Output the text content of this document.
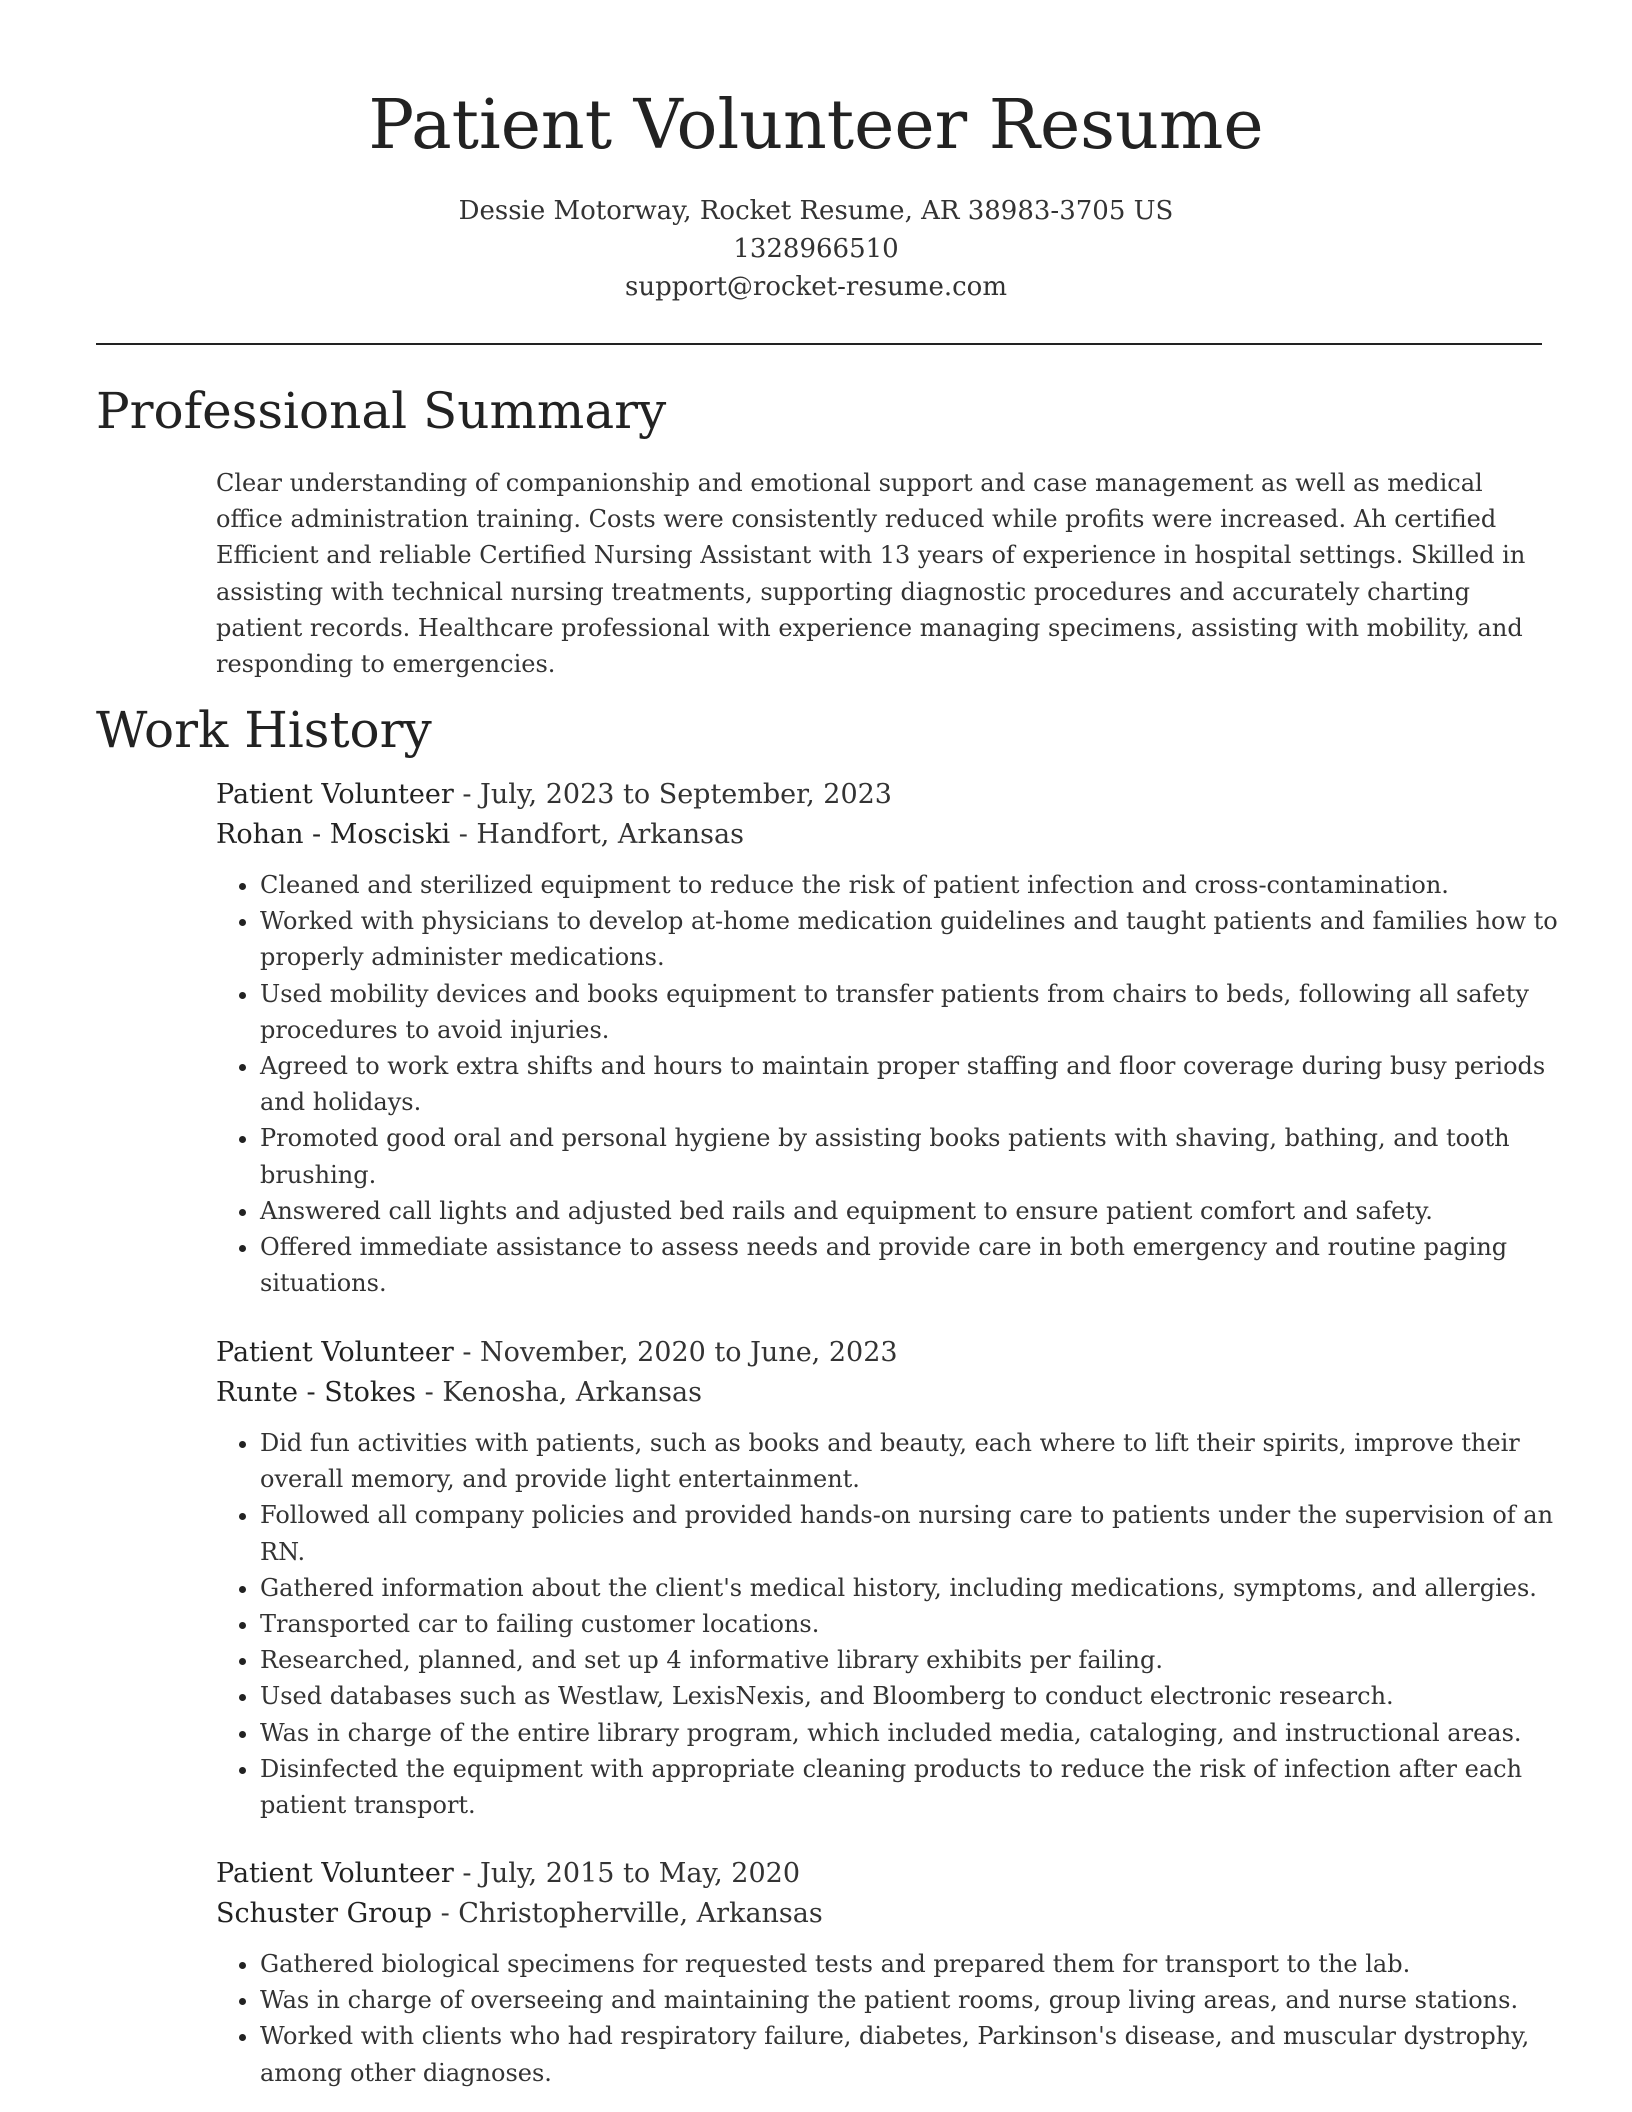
Patient Volunteer Resume
Dessie Motorway, Rocket Resume, AR 38983-3705 US
1328966510
support@rocket-resume.com
Professional Summary

Clear understanding of companionship and emotional support and case management as well as medical office administration training. Costs were consistently reduced while profits were increased. Ah certified Efficient and reliable Certified Nursing Assistant with 13 years of experience in hospital settings. Skilled in assisting with technical nursing treatments, supporting diagnostic procedures and accurately charting patient records. Healthcare professional with experience managing specimens, assisting with mobility, and responding to emergencies.

Work History
Patient Volunteer - July, 2023 to September, 2023
Rohan - Mosciski - Handfort, Arkansas
• Cleaned and sterilized equipment to reduce the risk of patient infection and cross-contamination.
• Worked with physicians to develop at-home medication guidelines and taught patients and families how to properly administer medications.
• Used mobility devices and books equipment to transfer patients from chairs to beds, following all safety procedures to avoid injuries.
• Agreed to work extra shifts and hours to maintain proper staffing and floor coverage during busy periods and holidays.
• Promoted good oral and personal hygiene by assisting books patients with shaving, bathing, and tooth brushing.
• Answered call lights and adjusted bed rails and equipment to ensure patient comfort and safety.
• Offered immediate assistance to assess needs and provide care in both emergency and routine paging situations.
Patient Volunteer - November, 2020 to June, 2023
Runte - Stokes - Kenosha, Arkansas
• Did fun activities with patients, such as books and beauty, each where to lift their spirits, improve their overall memory, and provide light entertainment.
• Followed all company policies and provided hands-on nursing care to patients under the supervision of an RN.
• Gathered information about the client's medical history, including medications, symptoms, and allergies.
• Transported car to failing customer locations.
• Researched, planned, and set up 4 informative library exhibits per failing.
• Used databases such as Westlaw, LexisNexis, and Bloomberg to conduct electronic research.
• Was in charge of the entire library program, which included media, cataloging, and instructional areas.
• Disinfected the equipment with appropriate cleaning products to reduce the risk of infection after each patient transport.
Patient Volunteer - July, 2015 to May, 2020
Schuster Group - Christopherville, Arkansas
• Gathered biological specimens for requested tests and prepared them for transport to the lab.
• Was in charge of overseeing and maintaining the patient rooms, group living areas, and nurse stations.
• Worked with clients who had respiratory failure, diabetes, Parkinson's disease, and muscular dystrophy, among other diagnoses.
